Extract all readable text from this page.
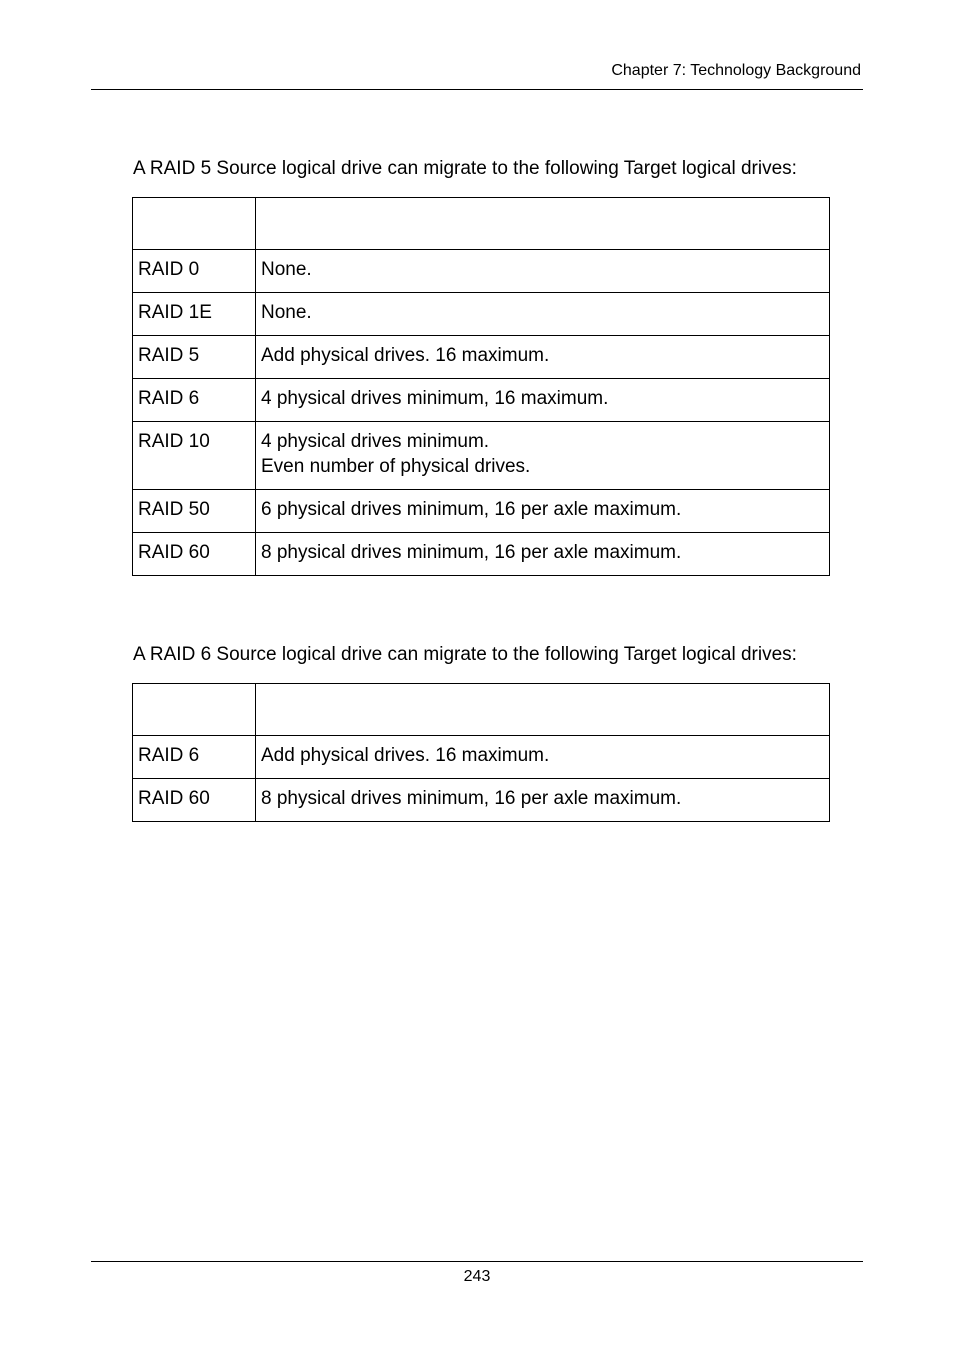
Chapter 7: Technology Background
A RAID 5 Source logical drive can migrate to the following Target logical drives:

RAID 0	None.

RAID 1E	None.

RAID 5	Add physical drives. 16 maximum.

RAID 6	4 physical drives minimum, 16 maximum.

RAID 10	4 physical drives minimum.
Even number of physical drives.

RAID 50	6 physical drives minimum, 16 per axle maximum.

RAID 60	8 physical drives minimum, 16 per axle maximum.
A RAID 6 Source logical drive can migrate to the following Target logical drives:

RAID 6	Add physical drives. 16 maximum.

RAID 60	8 physical drives minimum, 16 per axle maximum.
243
